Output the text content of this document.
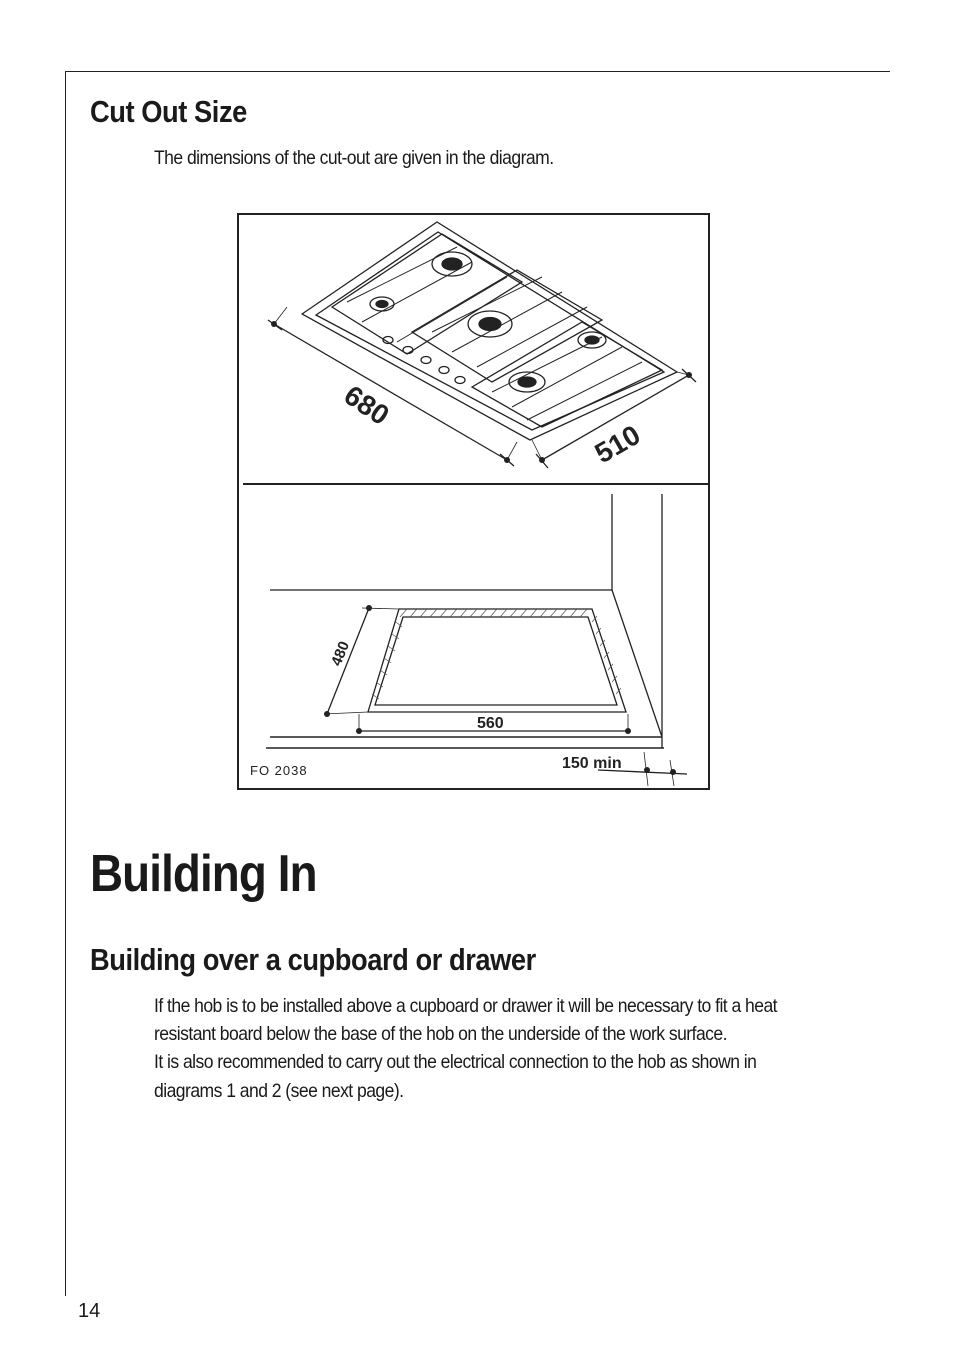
Cut Out Size
The dimensions of the cut-out are given in the diagram.
680
510
480
560
150 min
FO 2038
Building In
Building over a cupboard or drawer
If the hob is to be installed above a cupboard or drawer it will be necessary to fit a heat
resistant board below the base of the hob on the underside of the work surface.
It is also recommended to carry out the electrical connection to the hob as shown in
diagrams 1 and 2 (see next page).
14
